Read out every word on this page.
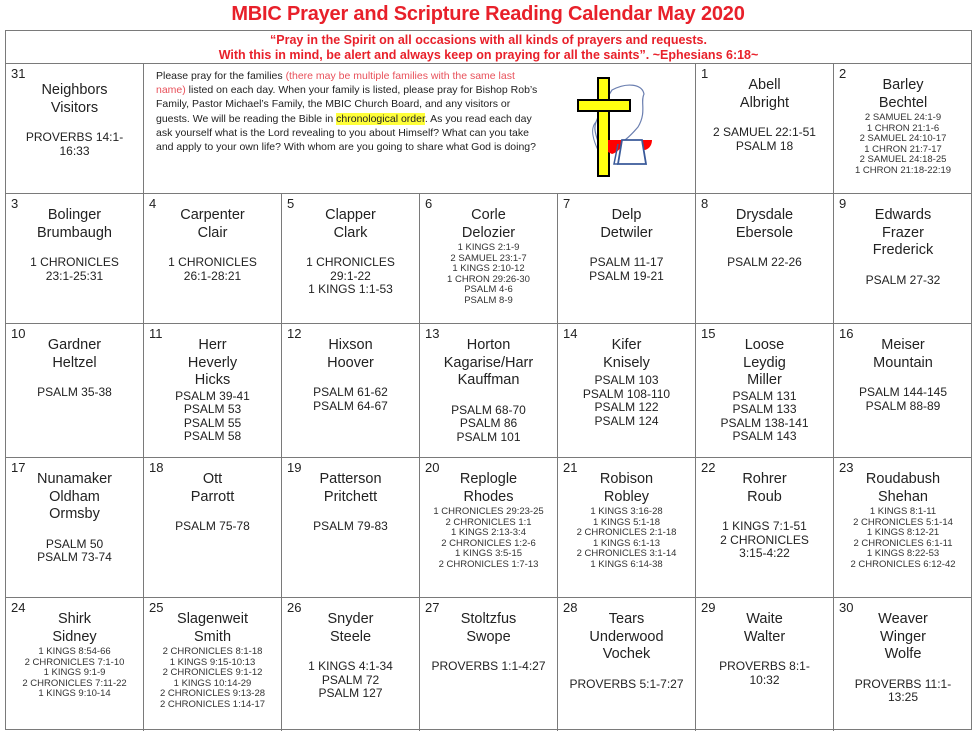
MBIC Prayer and Scripture Reading Calendar May 2020
“Pray in the Spirit on all occasions with all kinds of prayers and requests.
With this in mind, be alert and always keep on praying for all the saints”. ~Ephesians 6:18~
Please pray for the families (there may be multiple families with the same last name) listed on each day. When your family is listed, please pray for Bishop Rob’s Family, Pastor Michael’s Family, the MBIC Church Board, and any visitors or guests. We will be reading the Bible in chronological order. As you read each day ask yourself what is the Lord revealing to you about Himself? What can you take and apply to your own life? With whom are you going to share what God is doing?
31
Neighbors
Visitors
PROVERBS 14:1-
16:33
1
Abell
Albright
2 SAMUEL 22:1-51
PSALM 18
2
Barley
Bechtel
2 SAMUEL 24:1-9
1 CHRON 21:1-6
2 SAMUEL 24:10-17
1 CHRON 21:7-17
2 SAMUEL 24:18-25
1 CHRON 21:18-22:19
3
Bolinger
Brumbaugh
1 CHRONICLES
23:1-25:31
4
Carpenter
Clair
1 CHRONICLES
26:1-28:21
5
Clapper
Clark
1 CHRONICLES
29:1-22
1 KINGS 1:1-53
6
Corle
Delozier
1 KINGS 2:1-9
2 SAMUEL 23:1-7
1 KINGS 2:10-12
1 CHRON 29:26-30
PSALM 4-6
PSALM 8-9
7
Delp
Detwiler
PSALM 11-17
PSALM 19-21
8
Drysdale
Ebersole
PSALM 22-26
9
Edwards
Frazer
Frederick
PSALM 27-32
10
Gardner
Heltzel
PSALM 35-38
11
Herr
Heverly
Hicks
PSALM 39-41
PSALM 53
PSALM 55
PSALM 58
12
Hixson
Hoover
PSALM 61-62
PSALM 64-67
13
Horton
Kagarise/Harr
Kauffman
PSALM 68-70
PSALM 86
PSALM 101
14
Kifer
Knisely
PSALM 103
PSALM 108-110
PSALM 122
PSALM 124
15
Loose
Leydig
Miller
PSALM 131
PSALM 133
PSALM 138-141
PSALM 143
16
Meiser
Mountain
PSALM 144-145
PSALM 88-89
17
Nunamaker
Oldham
Ormsby
PSALM 50
PSALM 73-74
18
Ott
Parrott
PSALM 75-78
19
Patterson
Pritchett
PSALM 79-83
20
Replogle
Rhodes
1 CHRONICLES 29:23-25
2 CHRONICLES 1:1
1 KINGS 2:13-3:4
2 CHRONICLES 1:2-6
1 KINGS 3:5-15
2 CHRONICLES 1:7-13
21
Robison
Robley
1 KINGS 3:16-28
1 KINGS 5:1-18
2 CHRONICLES 2:1-18
1 KINGS 6:1-13
2 CHRONICLES 3:1-14
1 KINGS 6:14-38
22
Rohrer
Roub
1 KINGS 7:1-51
2 CHRONICLES
3:15-4:22
23
Roudabush
Shehan
1 KINGS 8:1-11
2 CHRONICLES 5:1-14
1 KINGS 8:12-21
2 CHRONICLES 6:1-11
1 KINGS 8:22-53
2 CHRONICLES 6:12-42
24
Shirk
Sidney
1 KINGS 8:54-66
2 CHRONICLES 7:1-10
1 KINGS 9:1-9
2 CHRONICLES 7:11-22
1 KINGS 9:10-14
25
Slagenweit
Smith
2 CHRONICLES 8:1-18
1 KINGS 9:15-10:13
2 CHRONICLES 9:1-12
1 KINGS 10:14-29
2 CHRONICLES 9:13-28
2 CHRONICLES 1:14-17
26
Snyder
Steele
1 KINGS 4:1-34
PSALM 72
PSALM 127
27
Stoltzfus
Swope
PROVERBS 1:1-4:27
28
Tears
Underwood
Vochek
PROVERBS 5:1-7:27
29
Waite
Walter
PROVERBS 8:1-
10:32
30
Weaver
Winger
Wolfe
PROVERBS 11:1-
13:25
